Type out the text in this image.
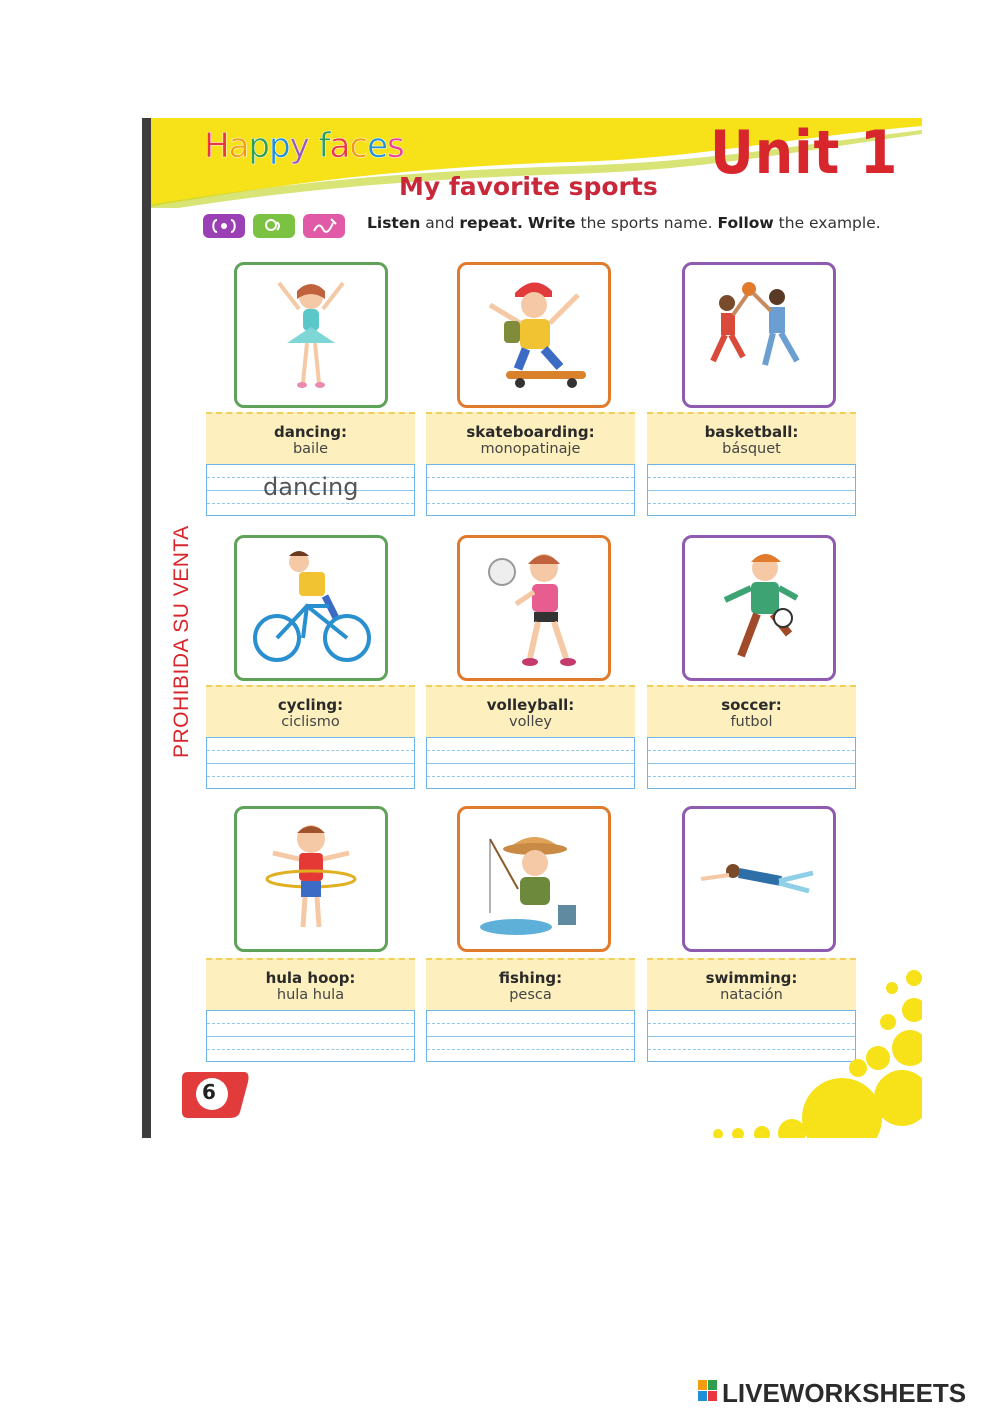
Happy faces	Unit 1
My favorite sports
Listen and repeat. Write the sports name. Follow the example.
PROHIBIDA SU VENTA
dancing:
baile
dancing
skateboarding:
monopatinaje
basketball:
básquet
cycling:
ciclismo
volleyball:
volley
soccer:
futbol
hula hoop:
hula hula
fishing:
pesca
swimming:
natación
6
LIVEWORKSHEETS
